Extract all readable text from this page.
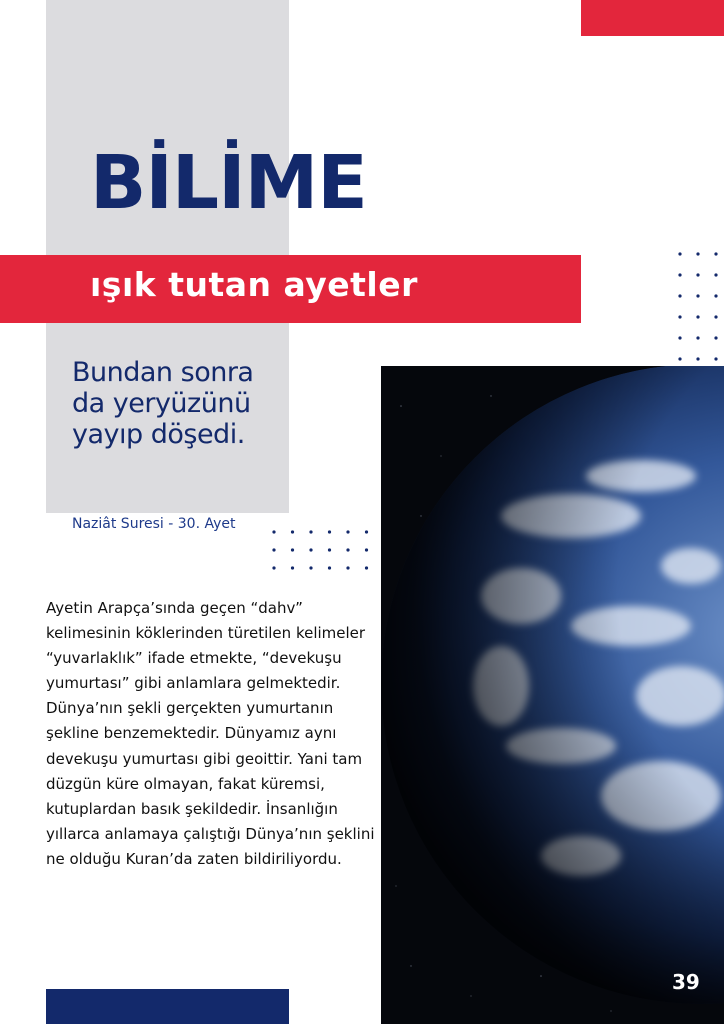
BİLİME
ışık tutan ayetler

Bundan sonra da yeryüzünü yayıp döşedi.

Naziât Suresi - 30. Ayet

Ayetin Arapça’sında geçen “dahv” kelimesinin köklerinden türetilen kelimeler “yuvarlaklık” ifade etmekte, “devekuşu yumurtası” gibi anlamlara gelmektedir. Dünya’nın şekli gerçekten yumurtanın şekline benzemektedir. Dünyamız aynı devekuşu yumurtası gibi geoittir. Yani tam düzgün küre olmayan, fakat küremsi, kutuplardan basık şekildedir. İnsanlığın yıllarca anlamaya çalıştığı Dünya’nın şeklini ne olduğu Kuran’da zaten bildiriliyordu.

39
